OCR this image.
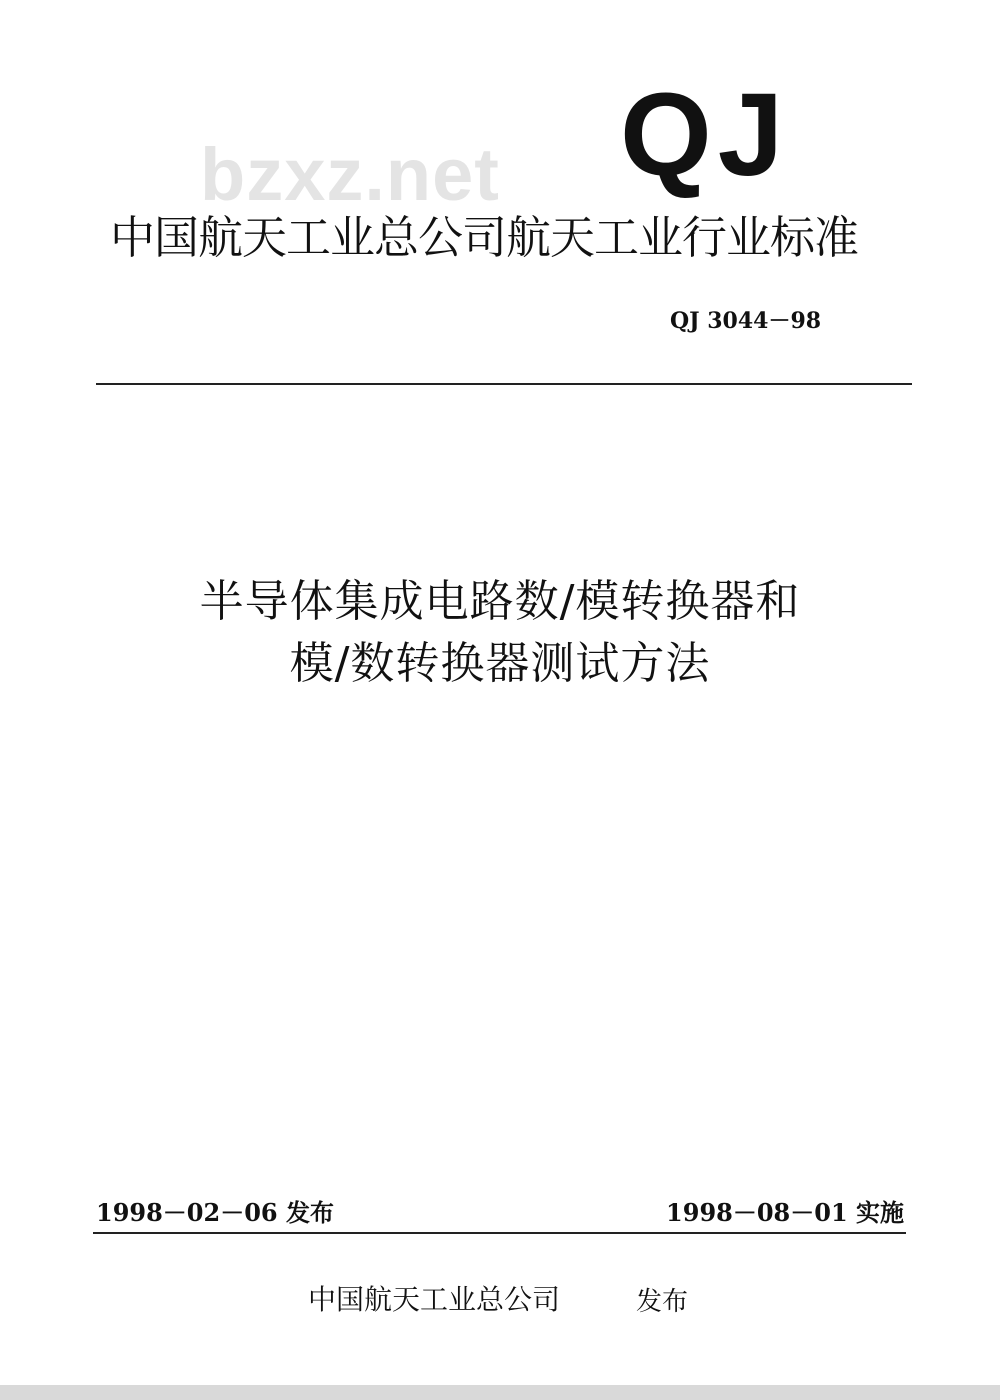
QJ
bzxz.net
中国航天工业总公司航天工业行业标准
QJ 3044－98
半导体集成电路数/模转换器和
模/数转换器测试方法
1998－02－06 发布	1998－08－01 实施
中国航天工业总公司	发布
